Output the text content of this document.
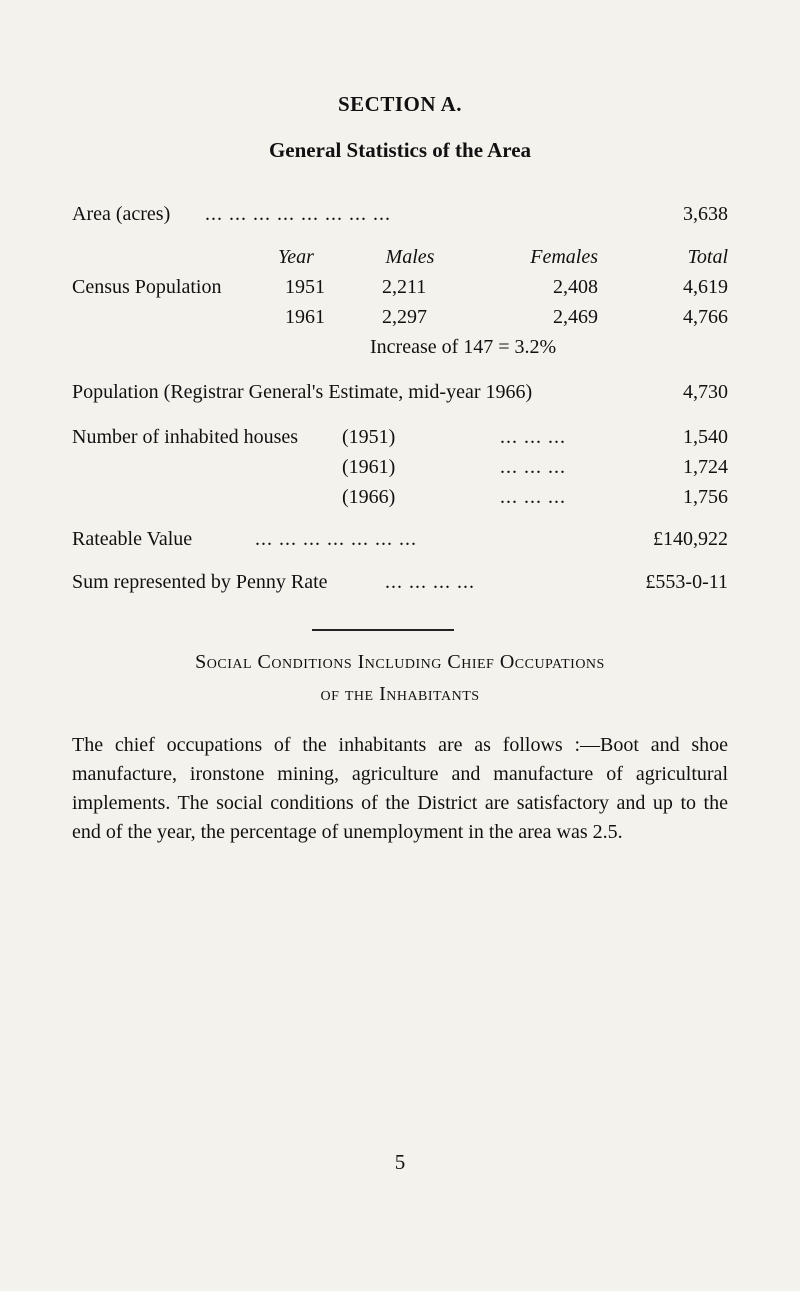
SECTION A.
General Statistics of the Area
Area (acres) ... ... ... ... ... ... ... ...	3,638
Year	Males	Females	Total
Census Population	1951	2,211	2,408	4,619
1961	2,297	2,469	4,766
Increase of 147 = 3.2%
Population (Registrar General's Estimate, mid-year 1966)	4,730
Number of inhabited houses (1951)	... ... ...	1,540
(1961)	... ... ...	1,724
(1966)	... ... ...	1,756
Rateable Value	... ... ... ... ... ... ...	£140,922
Sum represented by Penny Rate	... ... ... ...	£553-0-11
Social Conditions Including Chief Occupations
of the Inhabitants
The chief occupations of the inhabitants are as follows :—Boot and shoe manufacture, ironstone mining, agriculture and manufacture of agricultural implements. The social conditions of the District are satisfactory and up to the end of the year, the percentage of unemployment in the area was 2.5.
5
